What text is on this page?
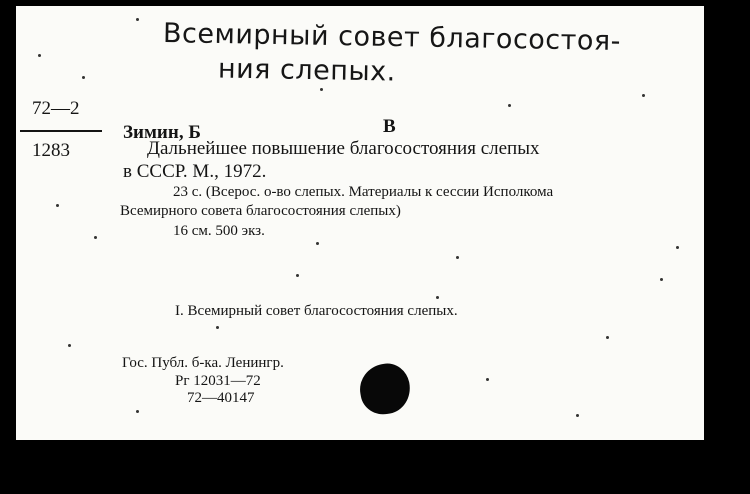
Всемирный совет благосостоя-
ния слепых.
72—2
1283
Зимин, Б	В
Дальнейшее повышение благосостояния слепых
в СССР. М., 1972.
23 с. (Всерос. о-во слепых. Материалы к сессии Исполкома
Всемирного совета благосостояния слепых)
16 см. 500 экз.
I. Всемирный совет благосостояния слепых.
Гос. Публ. б-ка. Ленингр.
Рг 12031—72
72—40147
